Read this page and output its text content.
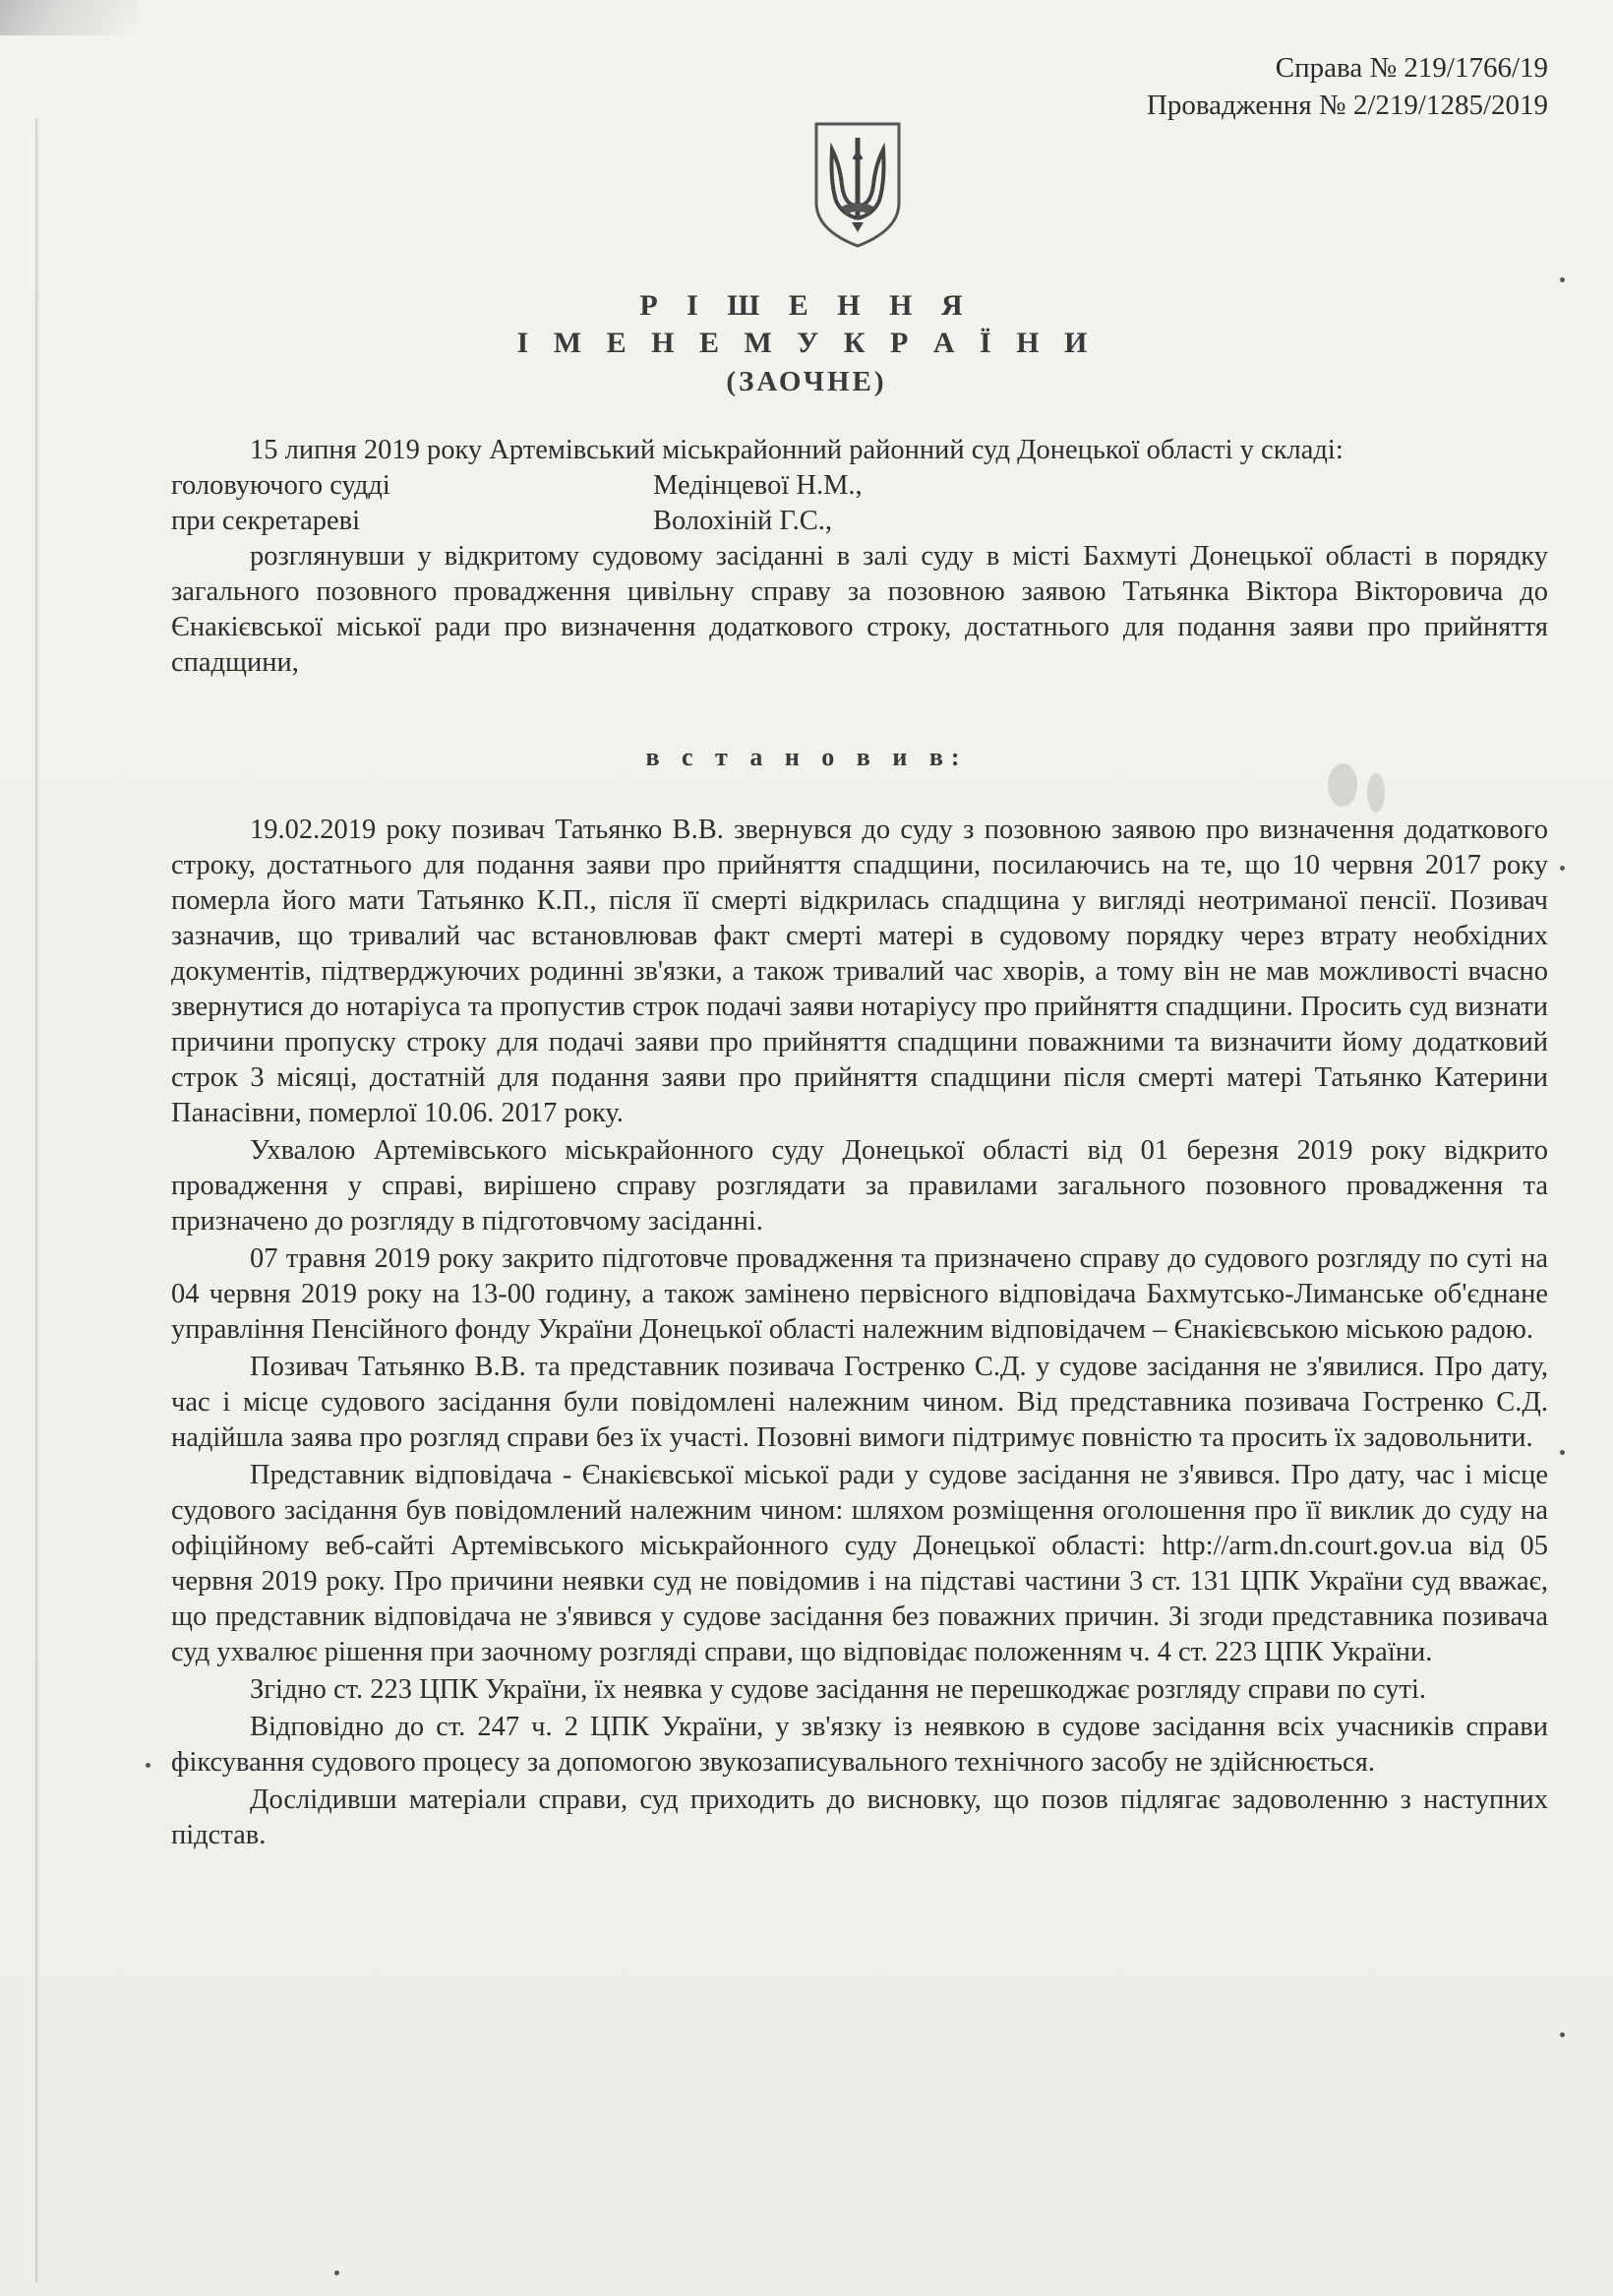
Справа № 219/1766/19
Провадження № 2/219/1285/2019
Р І Ш Е Н Н Я
І М Е Н Е М У К Р А Ї Н И
(ЗАОЧНЕ)

15 липня 2019 року Артемівський міськрайонний районний суд Донецької області у складі:

головуючого судді	Медінцевої Н.М.,
при секретареві	Волохіній Г.С.,

розглянувши у відкритому судовому засіданні в залі суду в місті Бахмуті Донецької області в порядку загального позовного провадження цивільну справу за позовною заявою Татьянка Віктора Вікторовича до Єнакієвської міської ради про визначення додаткового строку, достатнього для подання заяви про прийняття спадщини,

в с т а н о в и в:

19.02.2019 року позивач Татьянко В.В. звернувся до суду з позовною заявою про визначення додаткового строку, достатнього для подання заяви про прийняття спадщини, посилаючись на те, що 10 червня 2017 року померла його мати Татьянко К.П., після її смерті відкрилась спадщина у вигляді неотриманої пенсії. Позивач зазначив, що тривалий час встановлював факт смерті матері в судовому порядку через втрату необхідних документів, підтверджуючих родинні зв'язки, а також тривалий час хворів, а тому він не мав можливості вчасно звернутися до нотаріуса та пропустив строк подачі заяви нотаріусу про прийняття спадщини. Просить суд визнати причини пропуску строку для подачі заяви про прийняття спадщини поважними та визначити йому додатковий строк 3 місяці, достатній для подання заяви про прийняття спадщини після смерті матері Татьянко Катерини Панасівни, померлої 10.06. 2017 року.

Ухвалою Артемівського міськрайонного суду Донецької області від 01 березня 2019 року відкрито провадження у справі, вирішено справу розглядати за правилами загального позовного провадження та призначено до розгляду в підготовчому засіданні.

07 травня 2019 року закрито підготовче провадження та призначено справу до судового розгляду по суті на 04 червня 2019 року на 13-00 годину, а також замінено первісного відповідача Бахмутсько-Лиманське об'єднане управління Пенсійного фонду України Донецької області належним відповідачем – Єнакієвською міською радою.

Позивач Татьянко В.В. та представник позивача Гостренко С.Д. у судове засідання не з'явилися. Про дату, час і місце судового засідання були повідомлені належним чином. Від представника позивача Гостренко С.Д. надійшла заява про розгляд справи без їх участі. Позовні вимоги підтримує повністю та просить їх задовольнити.

Представник відповідача - Єнакієвської міської ради у судове засідання не з'явився. Про дату, час і місце судового засідання був повідомлений належним чином: шляхом розміщення оголошення про її виклик до суду на офіційному веб-сайті Артемівського міськрайонного суду Донецької області: http://arm.dn.court.gov.ua від 05 червня 2019 року. Про причини неявки суд не повідомив і на підставі частини 3 ст. 131 ЦПК України суд вважає, що представник відповідача не з'явився у судове засідання без поважних причин. Зі згоди представника позивача суд ухвалює рішення при заочному розгляді справи, що відповідає положенням ч. 4 ст. 223 ЦПК України.

Згідно ст. 223 ЦПК України, їх неявка у судове засідання не перешкоджає розгляду справи по суті.

Відповідно до ст. 247 ч. 2 ЦПК України, у зв'язку із неявкою в судове засідання всіх учасників справи фіксування судового процесу за допомогою звукозаписувального технічного засобу не здійснюється.

Дослідивши матеріали справи, суд приходить до висновку, що позов підлягає задоволенню з наступних підстав.
